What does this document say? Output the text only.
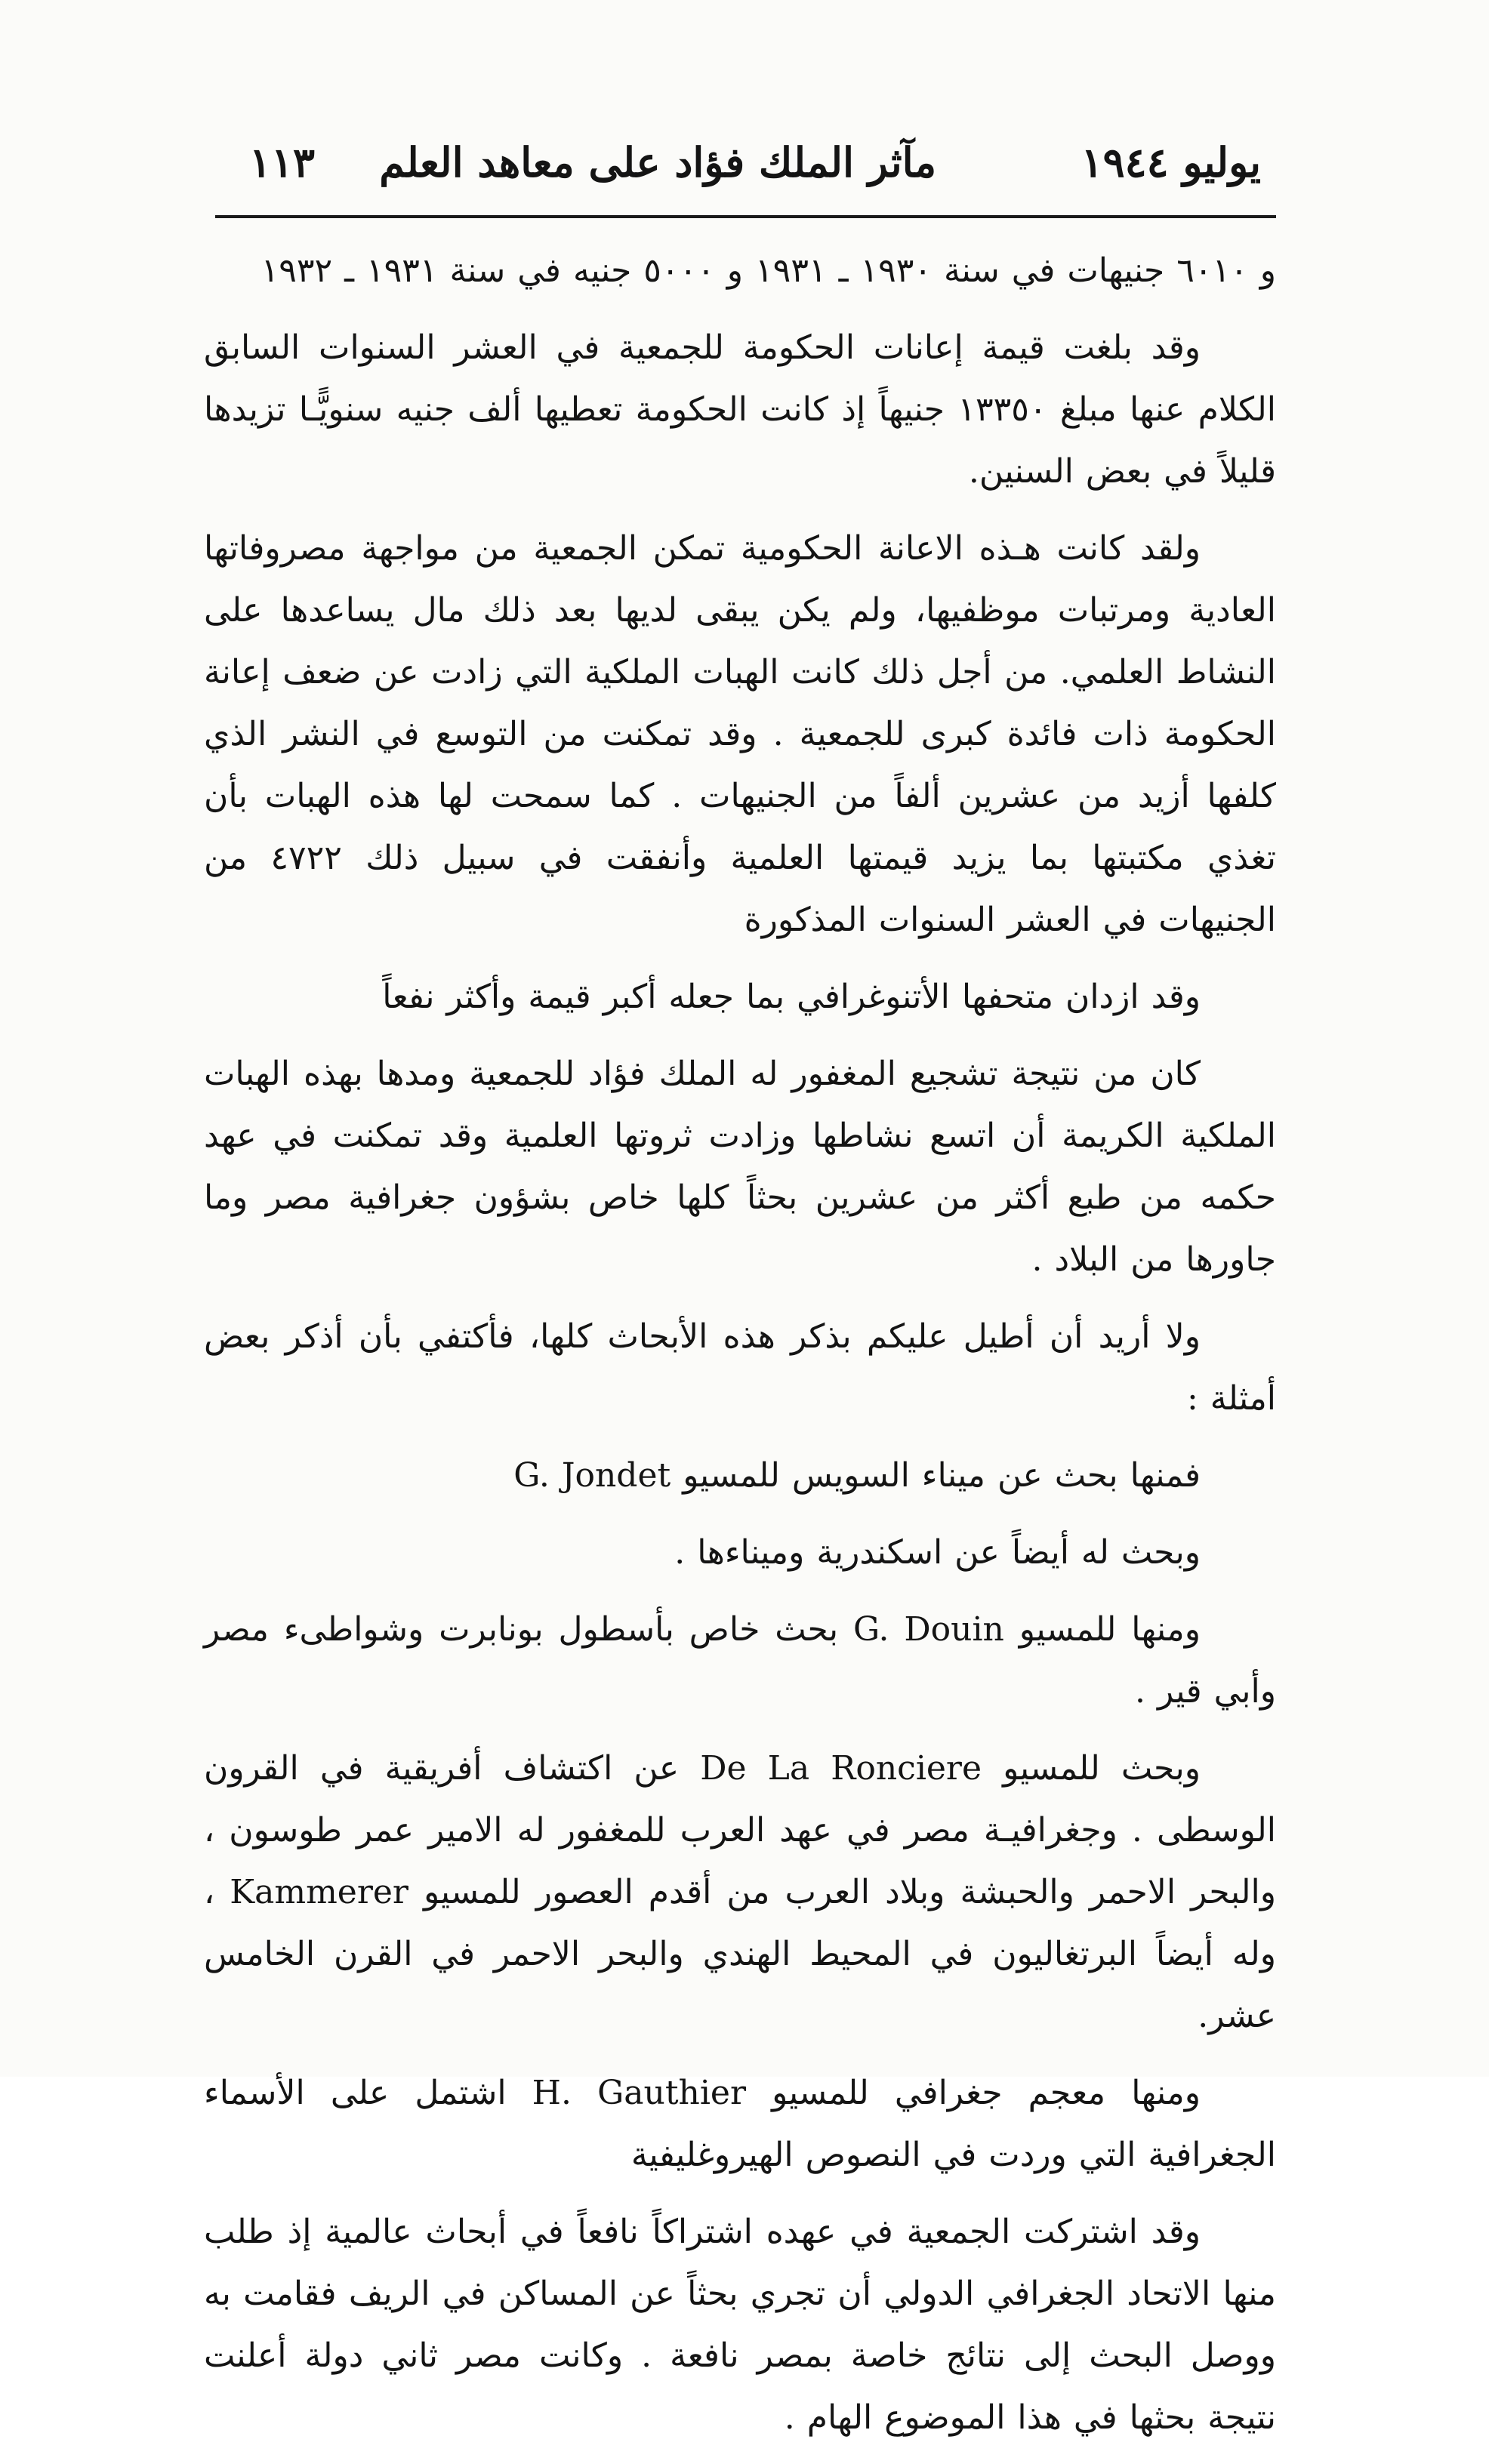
يوليو ١٩٤٤
مآثر الملك فؤاد على معاهد العلم
١١٣

و ٦٠١٠ جنيهات في سنة ١٩٣٠ ـ ١٩٣١ و ٥٠٠٠ جنيه في سنة ١٩٣١ ـ ١٩٣٢

وقد بلغت قيمة إعانات الحكومة للجمعية في العشر السنوات السابق الكلام عنها مبلغ ١٣٣٥٠ جنيهاً إذ كانت الحكومة تعطيها ألف جنيه سنويًّـا تزيدها قليلاً في بعض السنين.

ولقد كانت هـذه الاعانة الحكومية تمكن الجمعية من مواجهة مصروفاتها العادية ومرتبات موظفيها، ولم يكن يبقى لديها بعد ذلك مال يساعدها على النشاط العلمي. من أجل ذلك كانت الهبات الملكية التي زادت عن ضعف إعانة الحكومة ذات فائدة كبرى للجمعية . وقد تمكنت من التوسع في النشر الذي كلفها أزيد من عشرين ألفاً من الجنيهات . كما سمحت لها هذه الهبات بأن تغذي مكتبتها بما يزيد قيمتها العلمية وأنفقت في سبيل ذلك ٤٧٢٢ من الجنيهات في العشر السنوات المذكورة

وقد ازدان متحفها الأتنوغرافي بما جعله أكبر قيمة وأكثر نفعاً

كان من نتيجة تشجيع المغفور له الملك فؤاد للجمعية ومدها بهذه الهبات الملكية الكريمة أن اتسع نشاطها وزادت ثروتها العلمية وقد تمكنت في عهد حكمه من طبع أكثر من عشرين بحثاً كلها خاص بشؤون جغرافية مصر وما جاورها من البلاد .

ولا أريد أن أطيل عليكم بذكر هذه الأبحاث كلها، فأكتفي بأن أذكر بعض أمثلة :

فمنها بحث عن ميناء السويس للمسيو G. Jondet

وبحث له أيضاً عن اسكندرية وميناءها .

ومنها للمسيو G. Douin بحث خاص بأسطول بونابرت وشواطىء مصر وأبي قير .

وبحث للمسيو De La Ronciere عن اكتشاف أفريقية في القرون الوسطى . وجغرافيـة مصر في عهد العرب للمغفور له الامير عمر طوسون ، والبحر الاحمر والحبشة وبلاد العرب من أقدم العصور للمسيو Kammerer ، وله أيضاً البرتغاليون في المحيط الهندي والبحر الاحمر في القرن الخامس عشر.

ومنها معجم جغرافي للمسيو H. Gauthier اشتمل على الأسماء الجغرافية التي وردت في النصوص الهيروغليفية

وقد اشتركت الجمعية في عهده اشتراكاً نافعاً في أبحاث عالمية إذ طلب منها الاتحاد الجغرافي الدولي أن تجري بحثاً عن المساكن في الريف فقامت به ووصل البحث إلى نتائج خاصة بمصر نافعة . وكانت مصر ثاني دولة أعلنت نتيجة بحثها في هذا الموضوع الهام .
